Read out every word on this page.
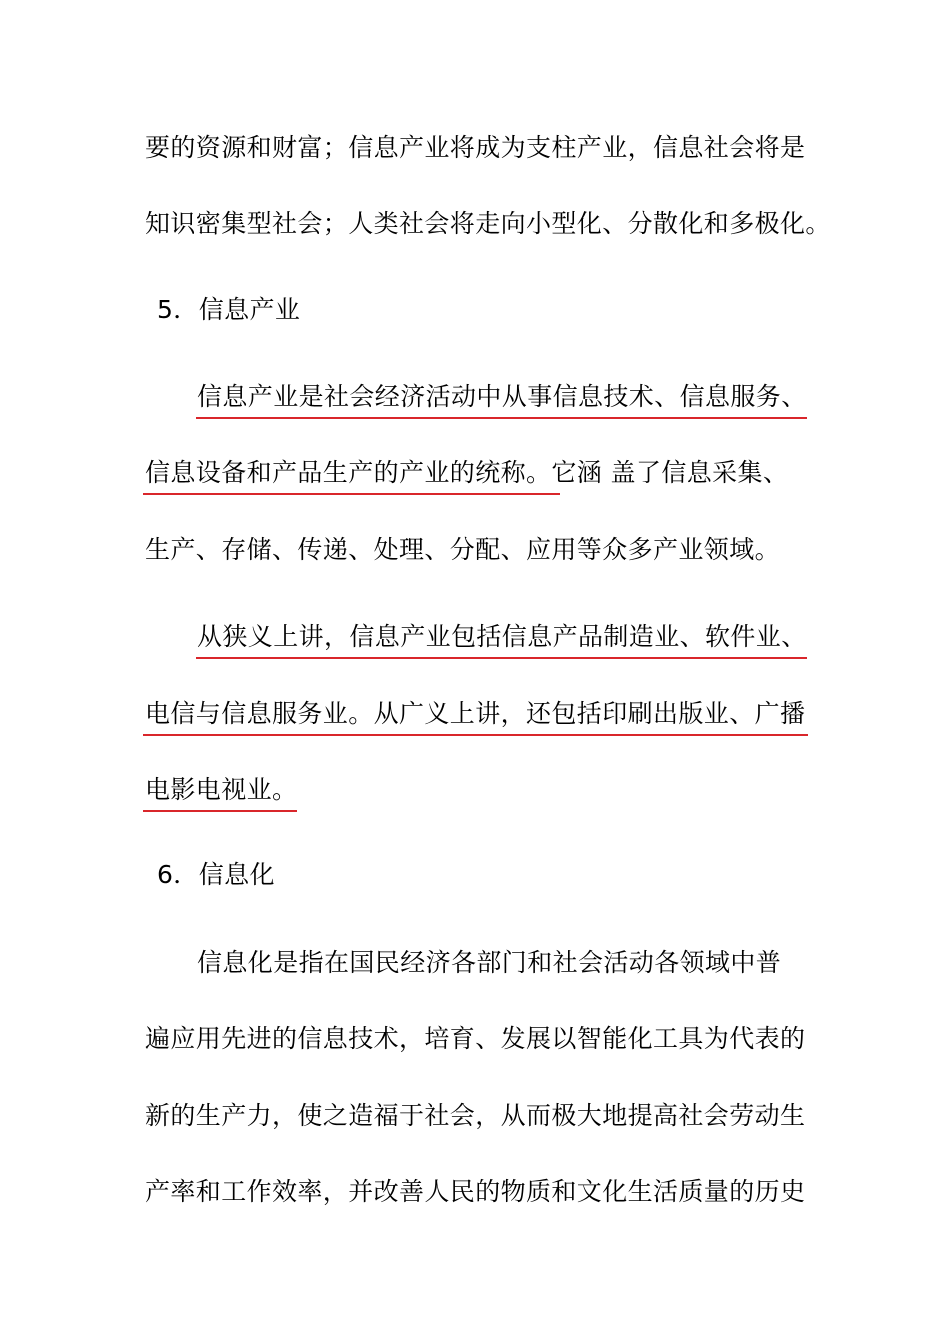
要的资源和财富；信息产业将成为支柱产业，信息社会将是
知识密集型社会；人类社会将走向小型化、分散化和多极化。
5．信息产业
信息产业是社会经济活动中从事信息技术、信息服务、
信息设备和产品生产的产业的统称。它涵 盖了信息采集、
生产、存储、传递、处理、分配、应用等众多产业领域。
从狭义上讲，信息产业包括信息产品制造业、软件业、
电信与信息服务业。从广义上讲，还包括印刷出版业、广播
电影电视业。
6．信息化
信息化是指在国民经济各部门和社会活动各领域中普
遍应用先进的信息技术，培育、发展以智能化工具为代表的
新的生产力，使之造福于社会，从而极大地提高社会劳动生
产率和工作效率，并改善人民的物质和文化生活质量的历史
